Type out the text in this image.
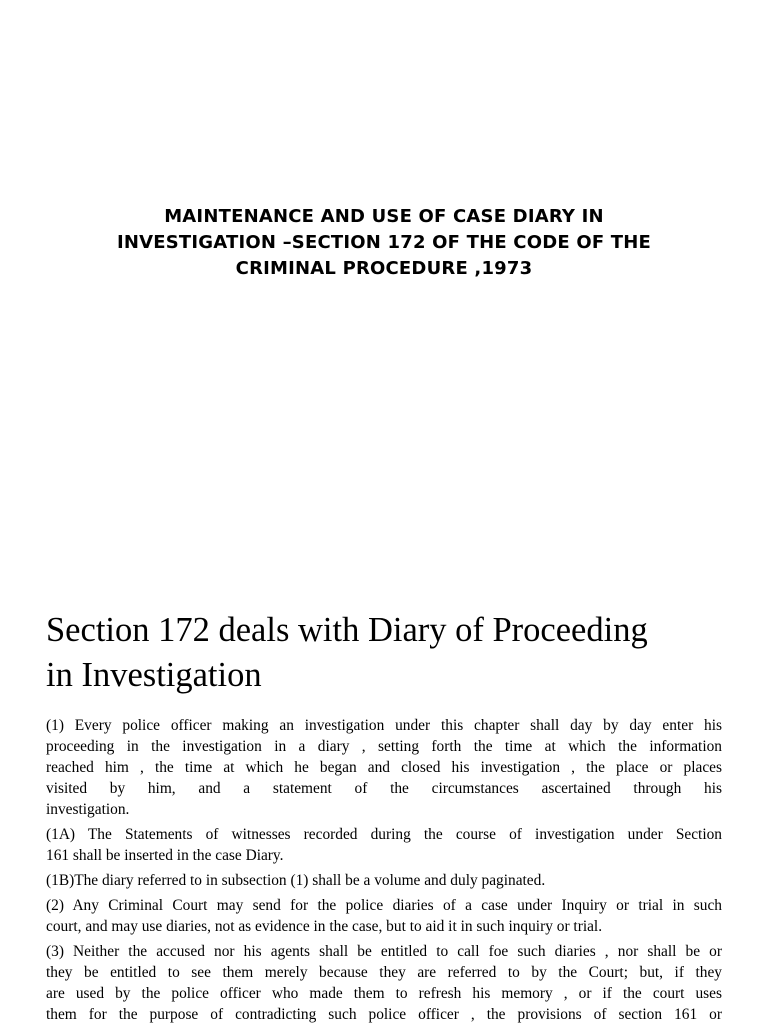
MAINTENANCE AND USE OF CASE DIARY IN
INVESTIGATION –SECTION 172 OF THE CODE OF THE
CRIMINAL PROCEDURE ,1973
Section 172 deals with Diary of Proceeding
in Investigation
(1) Every police officer making an investigation under this chapter shall day by day enter his
proceeding in the investigation in a diary , setting forth the time at which the information
reached him , the time at which he began and closed his investigation , the place or places
visited by him, and a statement of the circumstances ascertained through his
investigation.
(1A) The Statements of witnesses recorded during the course of investigation under Section
161 shall be inserted in the case Diary.
(1B)The diary referred to in subsection (1) shall be a volume and duly paginated.
(2) Any Criminal Court may send for the police diaries of a case under Inquiry or trial in such
court, and may use diaries, not as evidence in the case, but to aid it in such inquiry or trial.
(3) Neither the accused nor his agents shall be entitled to call foe such diaries , nor shall be or
they be entitled to see them merely because they are referred to by the Court; but, if they
are used by the police officer who made them to refresh his memory , or if the court uses
them for the purpose of contradicting such police officer , the provisions of section 161 or
